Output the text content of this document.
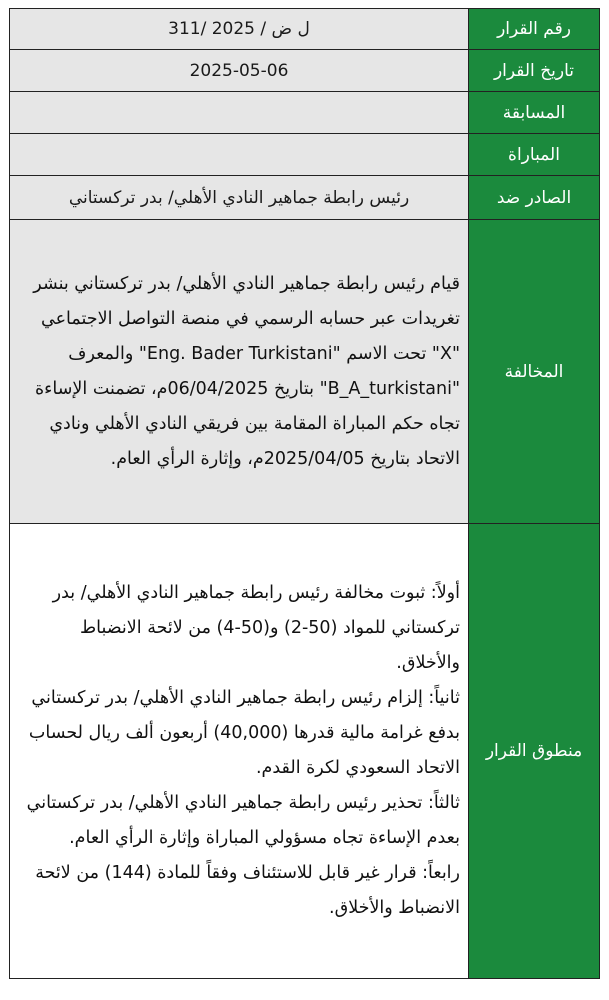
رقم القرار	311/ ل ض / 2025
تاريخ القرار	2025-05-06
المسابقة	
المباراة	
الصادر ضد	رئيس رابطة جماهير النادي الأهلي/ بدر تركستاني
المخالفة	قيام رئيس رابطة جماهير النادي الأهلي/ بدر تركستاني بنشر تغريدات عبر حسابه الرسمي في منصة التواصل الاجتماعي "X" تحت الاسم "Eng. Bader Turkistani" والمعرف "B_A_turkistani" بتاريخ 06/04/2025م، تضمنت الإساءة تجاه حكم المباراة المقامة بين فريقي النادي الأهلي ونادي الاتحاد بتاريخ 2025/04/05م، وإثارة الرأي العام.

منطوق القرار	أولاً: ثبوت مخالفة رئيس رابطة جماهير النادي الأهلي/ بدر تركستاني للمواد (50-2) و(50-4) من لائحة الانضباط والأخلاق.
ثانياً: إلزام رئيس رابطة جماهير النادي الأهلي/ بدر تركستاني بدفع غرامة مالية قدرها (40,000) أربعون ألف ريال لحساب الاتحاد السعودي لكرة القدم.
ثالثاً: تحذير رئيس رابطة جماهير النادي الأهلي/ بدر تركستاني بعدم الإساءة تجاه مسؤولي المباراة وإثارة الرأي العام.
رابعاً: قرار غير قابل للاستئناف وفقاً للمادة (144) من لائحة الانضباط والأخلاق.
